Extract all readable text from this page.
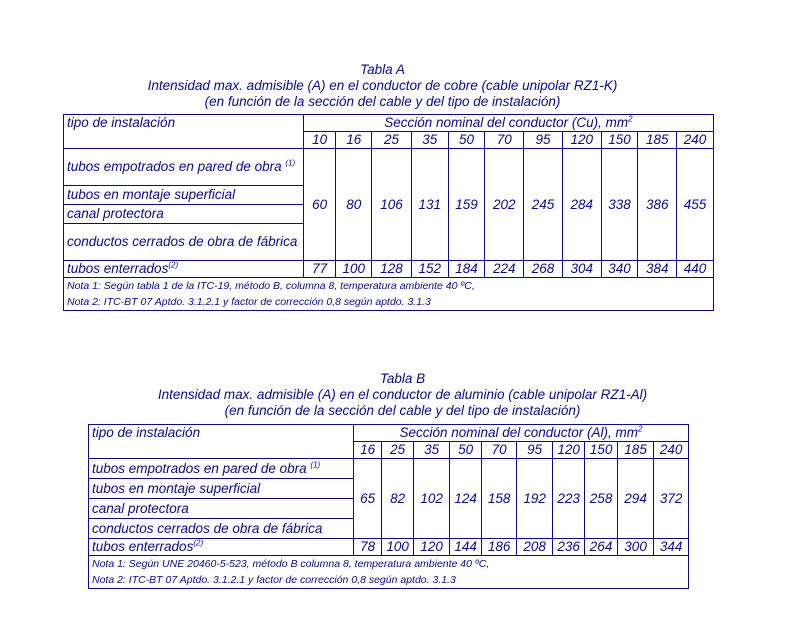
Tabla A
Intensidad max. admisible (A) en el conductor de cobre (cable unipolar RZ1-K)
(en función de la sección del cable y del tipo de instalación)
tipo de instalación	Sección nominal del conductor (Cu), $mm^2$
	10	16	25	35	50	70	95	120	150	185	240
tubos empotrados en pared de obra $^{(1)}$	60	80	106	131	159	202	245	284	338	386	455
tubos en montaje superficial											
canal protectora											
conductos cerrados de obra de fábrica											
tubos enterrados$^{(2)}$	77	100	128	152	184	224	268	304	340	384	440

Nota 1: Según tabla 1 de la ITC-19, método B, columna 8, temperatura ambiente 40 ºC,
Nota 2: ITC-BT 07 Aptdo. 3.1.2.1 y factor de corrección 0,8 según aptdo. 3.1.3											
Tabla B
Intensidad max. admisible (A) en el conductor de aluminio (cable unipolar RZ1-Al)
(en función de la sección del cable y del tipo de instalación)
tipo de instalación	Sección nominal del conductor (Al), $mm^2$
	16	25	35	50	70	95	120	150	185	240
tubos empotrados en pared de obra $^{(1)}$	65	82	102	124	158	192	223	258	294	372
tubos en montaje superficial										
canal protectora										
conductos cerrados de obra de fábrica										
tubos enterrados$^{(2)}$	78	100	120	144	186	208	236	264	300	344

Nota 1: Según UNE 20460-5-523, método B columna 8, temperatura ambiente 40 ºC,
Nota 2: ITC-BT 07 Aptdo. 3.1.2.1 y factor de corrección 0,8 según aptdo. 3.1.3										
